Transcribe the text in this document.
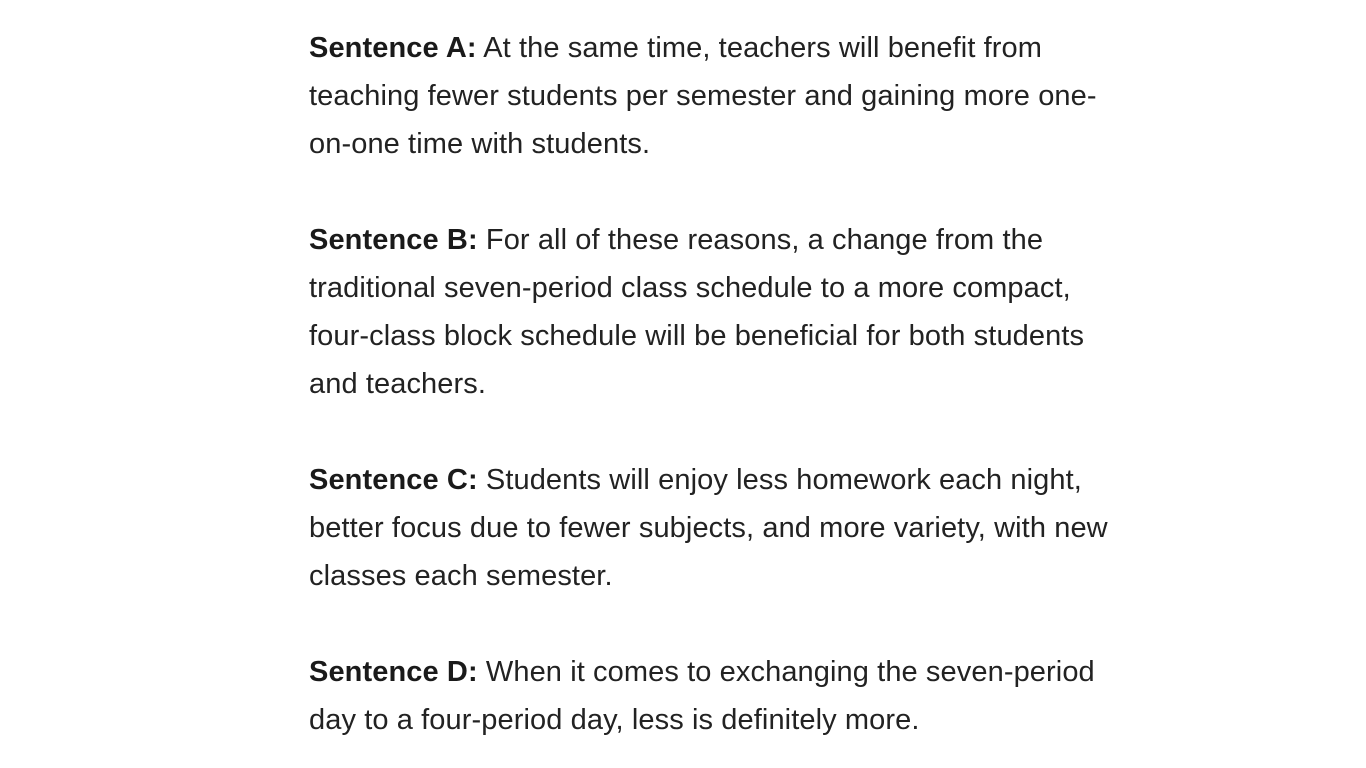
Sentence A: At the same time, teachers will benefit from teaching fewer students per semester and gaining more one-on-one time with students.

Sentence B: For all of these reasons, a change from the traditional seven-period class schedule to a more compact, four-class block schedule will be beneficial for both students and teachers.

Sentence C: Students will enjoy less homework each night, better focus due to fewer subjects, and more variety, with new classes each semester.

Sentence D: When it comes to exchanging the seven-period day to a four-period day, less is definitely more.
